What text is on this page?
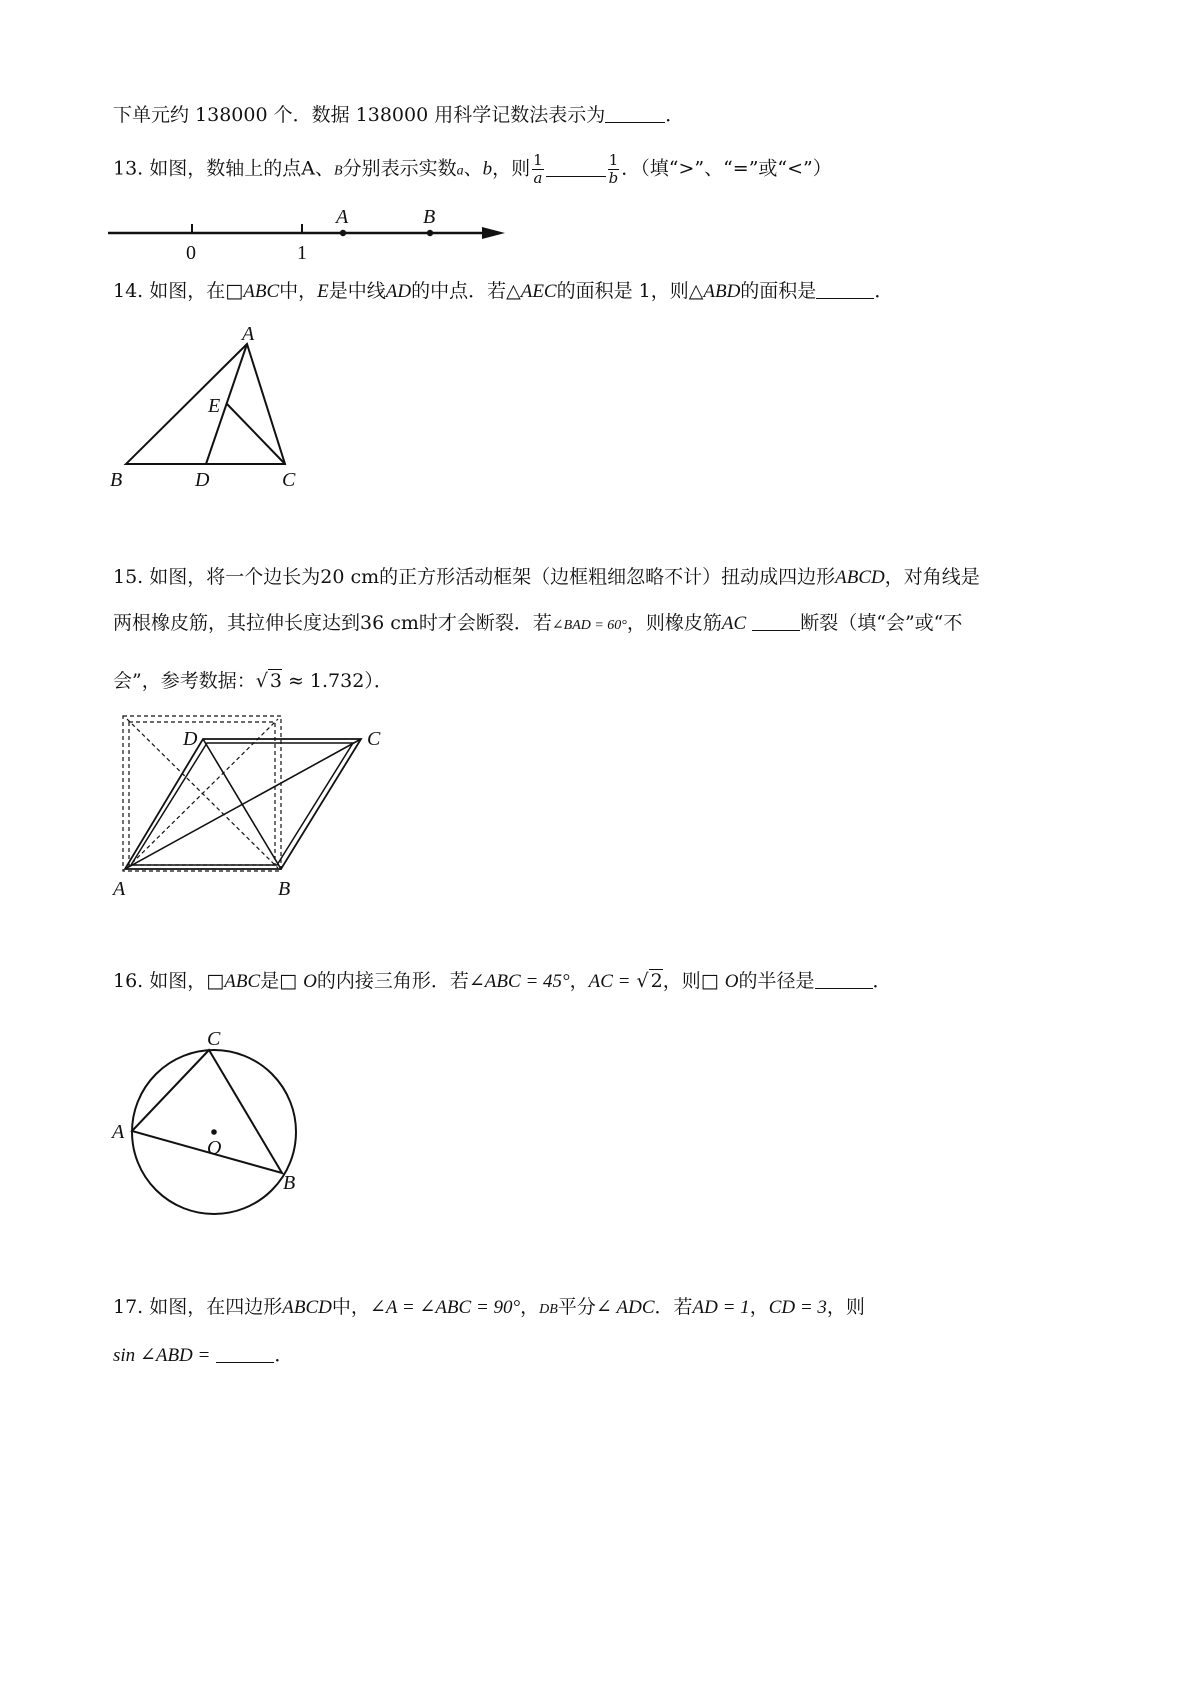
下单元约 138000 个．数据 138000 用科学记数法表示为	．
13. 如图，数轴上的点A、B分别表示实数a、b，则 $\frac{1}{a}$	$\frac{1}{b}$ ．（填“>”、“=”或“<”）
0	1
A	B
A
E
B	D	C
D	C
A	B
C
A
O
B
14. 如图，在□ABC中，E是中线AD的中点．若△AEC的面积是 1，则△ABD的面积是	．
15. 如图，将一个边长为20 cm的正方形活动框架（边框粗细忽略不计）扭动成四边形ABCD，对角线是
两根橡皮筋，其拉伸长度达到36 cm时才会断裂．若∠BAD = 60°，则橡皮筋AC	断裂（填“会”或“不
会”，参考数据：√ 3 ≈ 1.732）．
16. 如图，□ABC是□ O的内接三角形．若∠ABC = 45°，AC = √ 2，则□ O的半径是	．
17. 如图，在四边形ABCD中，∠A = ∠ABC = 90°，DB平分∠ ADC．若AD = 1，CD = 3，则
sin ∠ABD =	．
